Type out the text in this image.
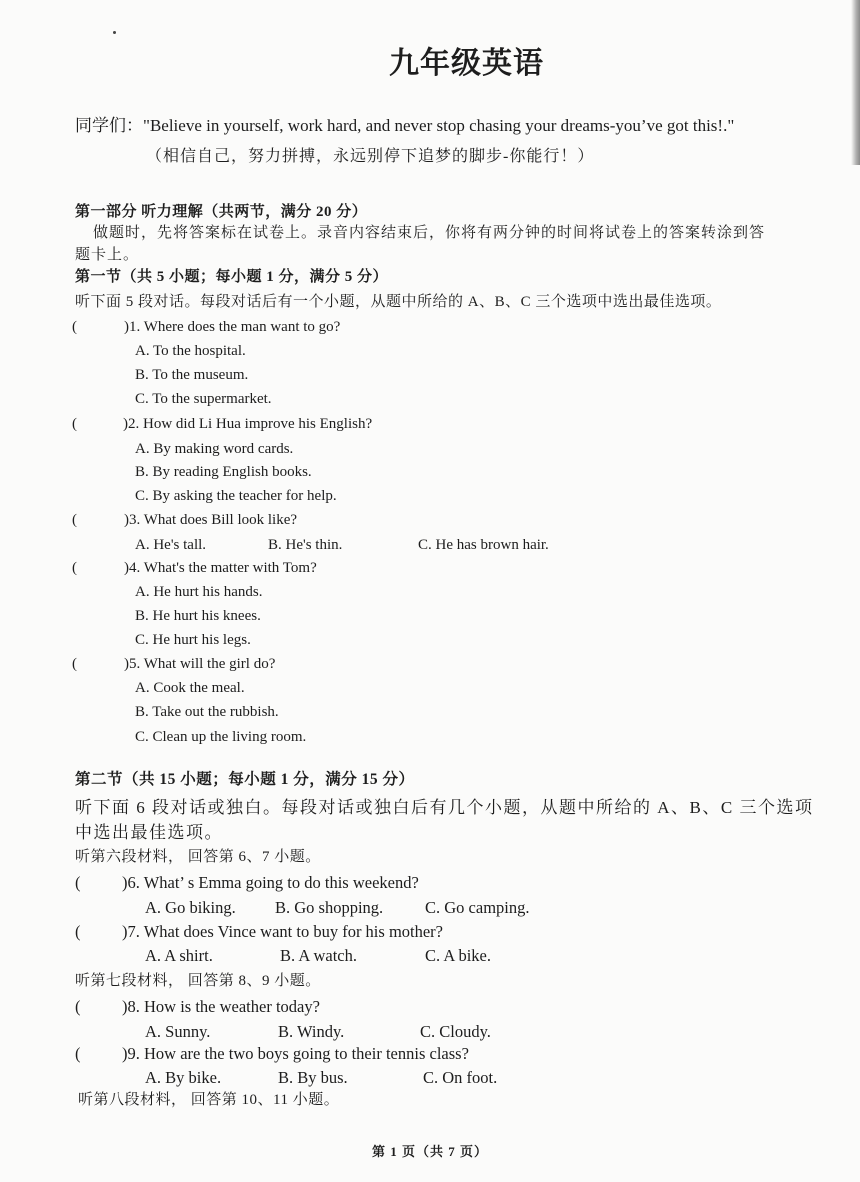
九年级英语
同学们："Believe in yourself, work hard, and never stop chasing your dreams-you’ve got this!."
（相信自己，努力拼搏，永远别停下追梦的脚步-你能行！）
第一部分 听力理解（共两节，满分 20 分）
做题时，先将答案标在试卷上。录音内容结束后，你将有两分钟的时间将试卷上的答案转涂到答
题卡上。
第一节（共 5 小题；每小题 1 分，满分 5 分）
听下面 5 段对话。每段对话后有一个小题，从题中所给的 A、B、C 三个选项中选出最佳选项。
(	)1. Where does the man want to go?
A. To the hospital.
B. To the museum.
C. To the supermarket.
(	)2. How did Li Hua improve his English?
A. By making word cards.
B. By reading English books.
C. By asking the teacher for help.
(	)3. What does Bill look like?
A. He's tall.	B. He's thin.	C. He has brown hair.
(	)4. What's the matter with Tom?
A. He hurt his hands.
B. He hurt his knees.
C. He hurt his legs.
(	)5. What will the girl do?
A. Cook the meal.
B. Take out the rubbish.
C. Clean up the living room.
第二节（共 15 小题；每小题 1 分，满分 15 分）
听下面 6 段对话或独白。每段对话或独白后有几个小题，从题中所给的 A、B、C 三个选项
中选出最佳选项。
听第六段材料， 回答第 6、7 小题。
(	)6. What’ s Emma going to do this weekend?
A. Go biking. B. Go shopping.	C. Go camping.
(	)7. What does Vince want to buy for his mother?
A. A shirt.	B. A watch.	C. A bike.
听第七段材料， 回答第 8、9 小题。
(	)8. How is the weather today?
A. Sunny.	B. Windy.	C. Cloudy.
(	)9. How are the two boys going to their tennis class?
A. By bike.	B. By bus.	C. On foot.
听第八段材料， 回答第 10、11 小题。
第 1 页（共 7 页）
